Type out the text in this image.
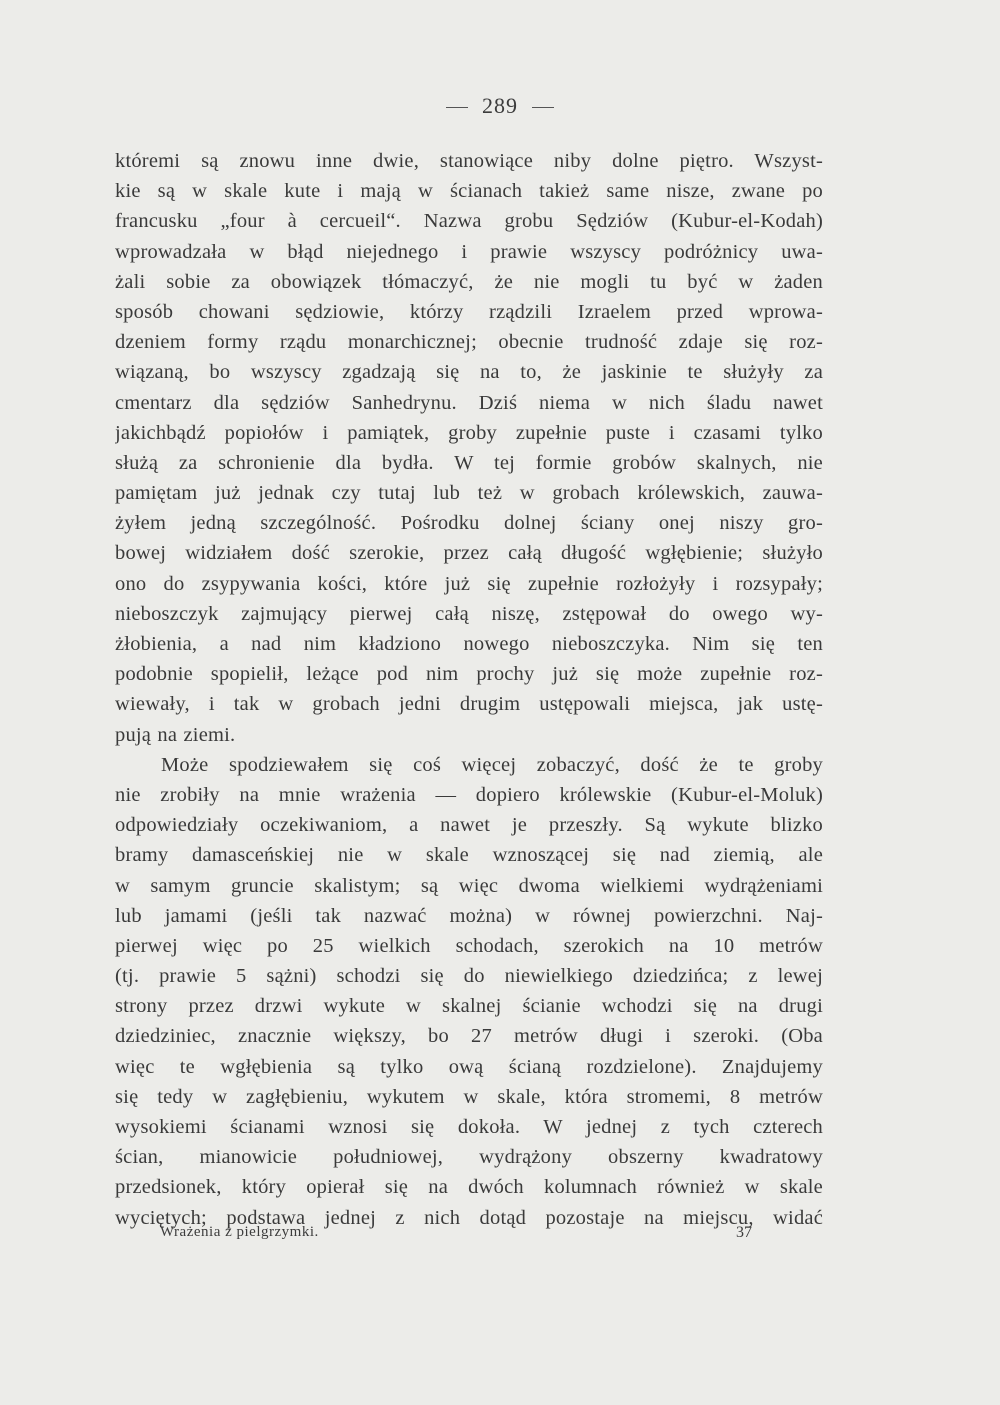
289
któremi są znowu inne dwie, stanowiące niby dolne piętro. Wszyst-
kie są w skale kute i mają w ścianach takież same nisze, zwane po
francusku „four à cercueil“. Nazwa grobu Sędziów (Kubur-el-Kodah)
wprowadzała w błąd niejednego i prawie wszyscy podróżnicy uwa-
żali sobie za obowiązek tłómaczyć, że nie mogli tu być w żaden
sposób chowani sędziowie, którzy rządzili Izraelem przed wprowa-
dzeniem formy rządu monarchicznej; obecnie trudność zdaje się roz-
wiązaną, bo wszyscy zgadzają się na to, że jaskinie te służyły za
cmentarz dla sędziów Sanhedrynu. Dziś niema w nich śladu nawet
jakichbądź popiołów i pamiątek, groby zupełnie puste i czasami tylko
służą za schronienie dla bydła. W tej formie grobów skalnych, nie
pamiętam już jednak czy tutaj lub też w grobach królewskich, zauwa-
żyłem jedną szczególność. Pośrodku dolnej ściany onej niszy gro-
bowej widziałem dość szerokie, przez całą długość wgłębienie; służyło
ono do zsypywania kości, które już się zupełnie rozłożyły i rozsypały;
nieboszczyk zajmujący pierwej całą niszę, zstępował do owego wy-
żłobienia, a nad nim kładziono nowego nieboszczyka. Nim się ten
podobnie spopielił, leżące pod nim prochy już się może zupełnie roz-
wiewały, i tak w grobach jedni drugim ustępowali miejsca, jak ustę-
pują na ziemi.
Może spodziewałem się coś więcej zobaczyć, dość że te groby
nie zrobiły na mnie wrażenia — dopiero królewskie (Kubur-el-Moluk)
odpowiedziały oczekiwaniom, a nawet je przeszły. Są wykute blizko
bramy damasceńskiej nie w skale wznoszącej się nad ziemią, ale
w samym gruncie skalistym; są więc dwoma wielkiemi wydrążeniami
lub jamami (jeśli tak nazwać można) w równej powierzchni. Naj-
pierwej więc po 25 wielkich schodach, szerokich na 10 metrów
(tj. prawie 5 sążni) schodzi się do niewielkiego dziedzińca; z lewej
strony przez drzwi wykute w skalnej ścianie wchodzi się na drugi
dziedziniec, znacznie większy, bo 27 metrów długi i szeroki. (Oba
więc te wgłębienia są tylko ową ścianą rozdzielone). Znajdujemy
się tedy w zagłębieniu, wykutem w skale, która stromemi, 8 metrów
wysokiemi ścianami wznosi się dokoła. W jednej z tych czterech
ścian, mianowicie południowej, wydrążony obszerny kwadratowy
przedsionek, który opierał się na dwóch kolumnach również w skale
wyciętych; podstawa jednej z nich dotąd pozostaje na miejscu, widać
Wrażenia z pielgrzymki.	37
